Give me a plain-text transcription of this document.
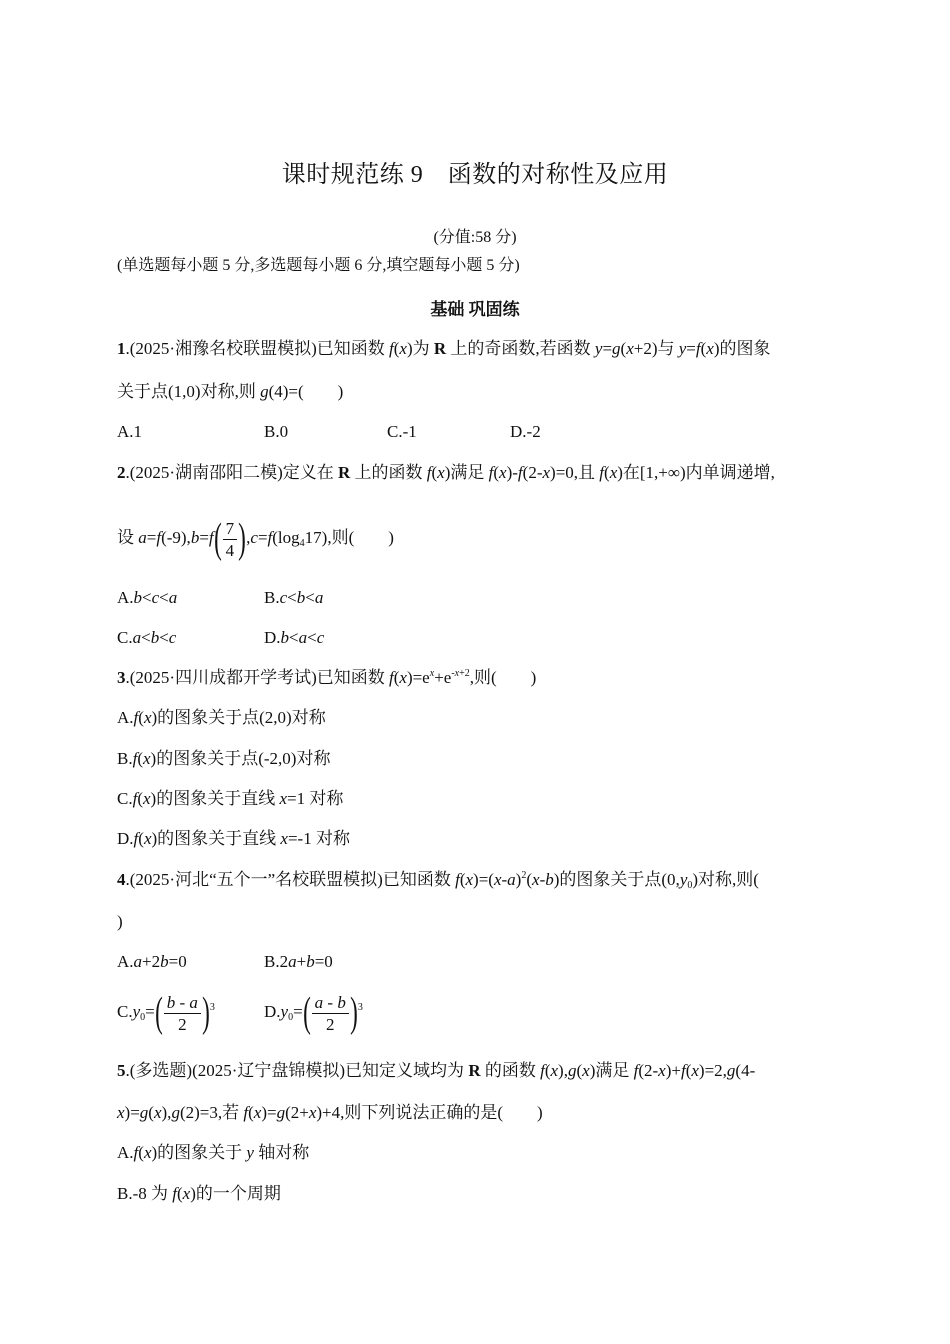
课时规范练 9　函数的对称性及应用
(分值:58 分)
(单选题每小题 5 分,多选题每小题 6 分,填空题每小题 5 分)
基础 巩固练
1.(2025·湘豫名校联盟模拟)已知函数 f(x)为 R 上的奇函数,若函数 y=g(x+2)与 y=f(x)的图象
关于点(1,0)对称,则 g(4)=(　　)
A.1	B.0	C.-1	D.-2
2.(2025·湖南邵阳二模)定义在 R 上的函数 f(x)满足 f(x)-f(2-x)=0,且 f(x)在[1,+∞)内单调递增,
设 $a=f(-9),b=f( \frac{7}{4} ),c=f(\log_417)$,则(　　)
A.b<c<a	B.c<b<a
C.a<b<c	D.b<a<c
3.(2025·四川成都开学考试)已知函数 $f(x)=e^x+e^{-x+2}$,则(　　)
A.f(x)的图象关于点(2,0)对称
B.f(x)的图象关于点(-2,0)对称
C.f(x)的图象关于直线 x=1 对称
D.f(x)的图象关于直线 x=-1 对称
4.(2025·河北“五个一”名校联盟模拟)已知函数 $f(x)=(x-a)^2(x-b)$的图象关于点$(0,y_0)$对称,则(
)
A.a+2b=0	B.2a+b=0
$C.y_0=( \frac{b - a}{2} )^3$	$D.y_0=( \frac{a - b}{2} )^3$
5.(多选题)(2025·辽宁盘锦模拟)已知定义域均为 R 的函数 f(x),g(x)满足 f(2-x)+f(x)=2,g(4-
x)=g(x),g(2)=3,若 f(x)=g(2+x)+4,则下列说法正确的是(　　)
A.f(x)的图象关于 y 轴对称
B.-8 为 f(x)的一个周期
